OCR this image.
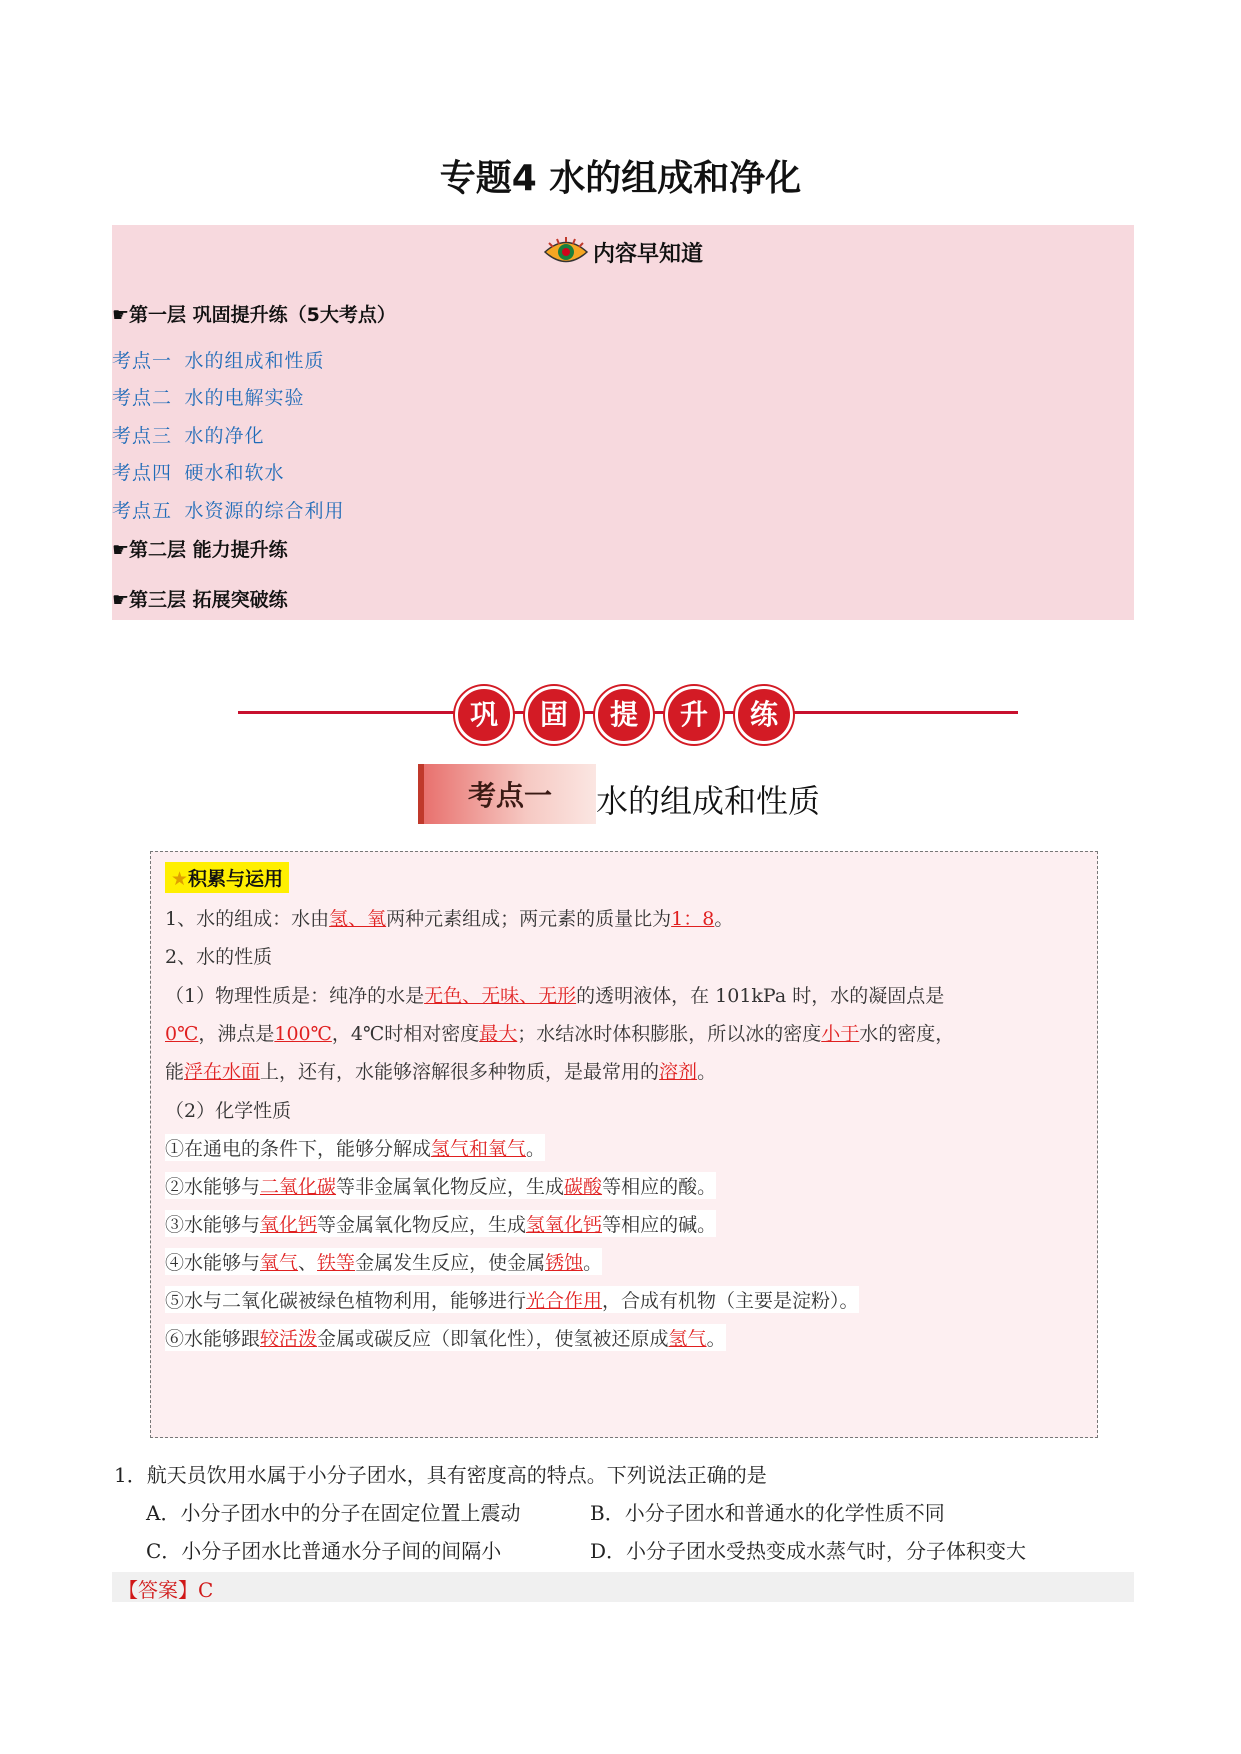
专题4 水的组成和净化
内容早知道
☛第一层 巩固提升练（5大考点）
考点一 水的组成和性质
考点二 水的电解实验
考点三 水的净化
考点四 硬水和软水
考点五 水资源的综合利用
☛第二层 能力提升练
☛第三层 拓展突破练
巩	固	提	升	练
考点一	水的组成和性质
★积累与运用
1、水的组成：水由氢、氧两种元素组成；两元素的质量比为1：8。
2、水的性质
（1）物理性质是：纯净的水是无色、无味、无形的透明液体，在 101kPa 时，水的凝固点是
0℃，沸点是100℃，4℃时相对密度最大；水结冰时体积膨胀，所以冰的密度小于水的密度，
能浮在水面上，还有，水能够溶解很多种物质，是最常用的溶剂。
（2）化学性质
①在通电的条件下，能够分解成氢气和氧气。
②水能够与二氧化碳等非金属氧化物反应，生成碳酸等相应的酸。
③水能够与氧化钙等金属氧化物反应，生成氢氧化钙等相应的碱。
④水能够与氧气、铁等金属发生反应，使金属锈蚀。
⑤水与二氧化碳被绿色植物利用，能够进行光合作用，合成有机物（主要是淀粉）。
⑥水能够跟较活泼金属或碳反应（即氧化性），使氢被还原成氢气。
1．航天员饮用水属于小分子团水，具有密度高的特点。下列说法正确的是
A．小分子团水中的分子在固定位置上震动	B．小分子团水和普通水的化学性质不同
C．小分子团水比普通水分子间的间隔小	D．小分子团水受热变成水蒸气时，分子体积变大
【答案】C
